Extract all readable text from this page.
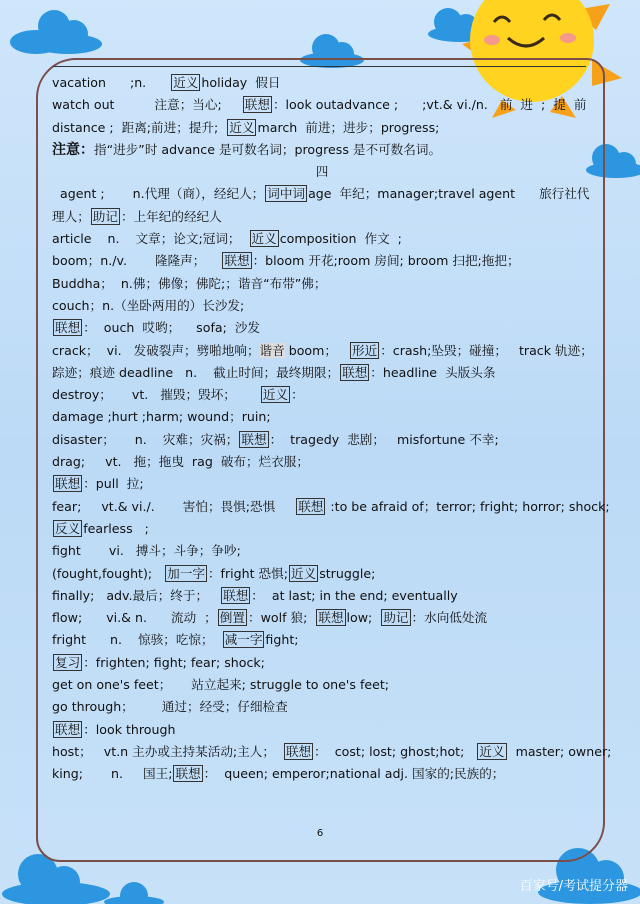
vacation      ;n.      近义 holiday  假日
watch out          注意；当心;     联想 ：look outadvance ;      ;vt.& vi./n.   前  进  ;  提  前
distance ;  距离;前进；提升;  近义 march  前进；进步；progress;
注意：指“进步”时 advance 是可数名词；progress 是不可数名词。
四
agent ;       n.代理（商），经纪人； 词中词 age  年纪；manager;travel agent      旅行社代
理人； 助记 ：上年纪的经纪人
article    n.    文章；论文;冠词；  近义 composition  作文  ;
boom；n./v.       隆隆声；    联想 ：bloom 开花;room 房间; broom 扫把;拖把；
Buddha；  n.佛；佛像；佛陀;；谐音“布带”佛；
couch；n.（坐卧两用的）长沙发;
联想 ：  ouch  哎哟；    sofa;  沙发
crack；  vi.   发破裂声；劈啪地响；谐音 boom；   形近 ：crash;坠毁；碰撞；   track 轨迹；
踪迹；痕迹 deadline   n.    截止时间；最终期限； 联想 ：headline  头版头条
destroy；     vt.   摧毁；毁坏；      近义 ：
damage ;hurt ;harm; wound；ruin;
disaster；     n.    灾难；灾祸； 联想 ：  tragedy  悲剧；   misfortune 不幸;
drag;     vt.   拖；拖曳  rag  破布；烂衣服；
联想 ：pull  拉;
fear;     vt.& vi./.       害怕；畏惧;恐惧     联想 :to be afraid of；terror; fright; horror; shock;
反义 fearless   ;
fight       vi.   搏斗；斗争；争吵;
(fought,fought);   加一字 ：fright 恐惧; 近义 struggle;
finally;   adv.最后；终于；   联想 ：  at last; in the end; eventually
flow;      vi.& n.      流动  ； 倒置 ：wolf 狼;  联想 low;  助记 ：水向低处流
fright      n.    惊骇；吃惊；  减一字 fight;
复习 ：frighten; fight; fear; shock;
get on one's feet；     站立起来; struggle to one's feet;
go through；       通过；经受；仔细检查
联想 ：look through
host；   vt.n 主办或主持某活动;主人；  联想 ：  cost; lost; ghost;hot;   近义  master; owner;
king;       n.     国王; 联想 ：  queen; emperor;national adj. 国家的;民族的；
6
百家号/考试提分器
